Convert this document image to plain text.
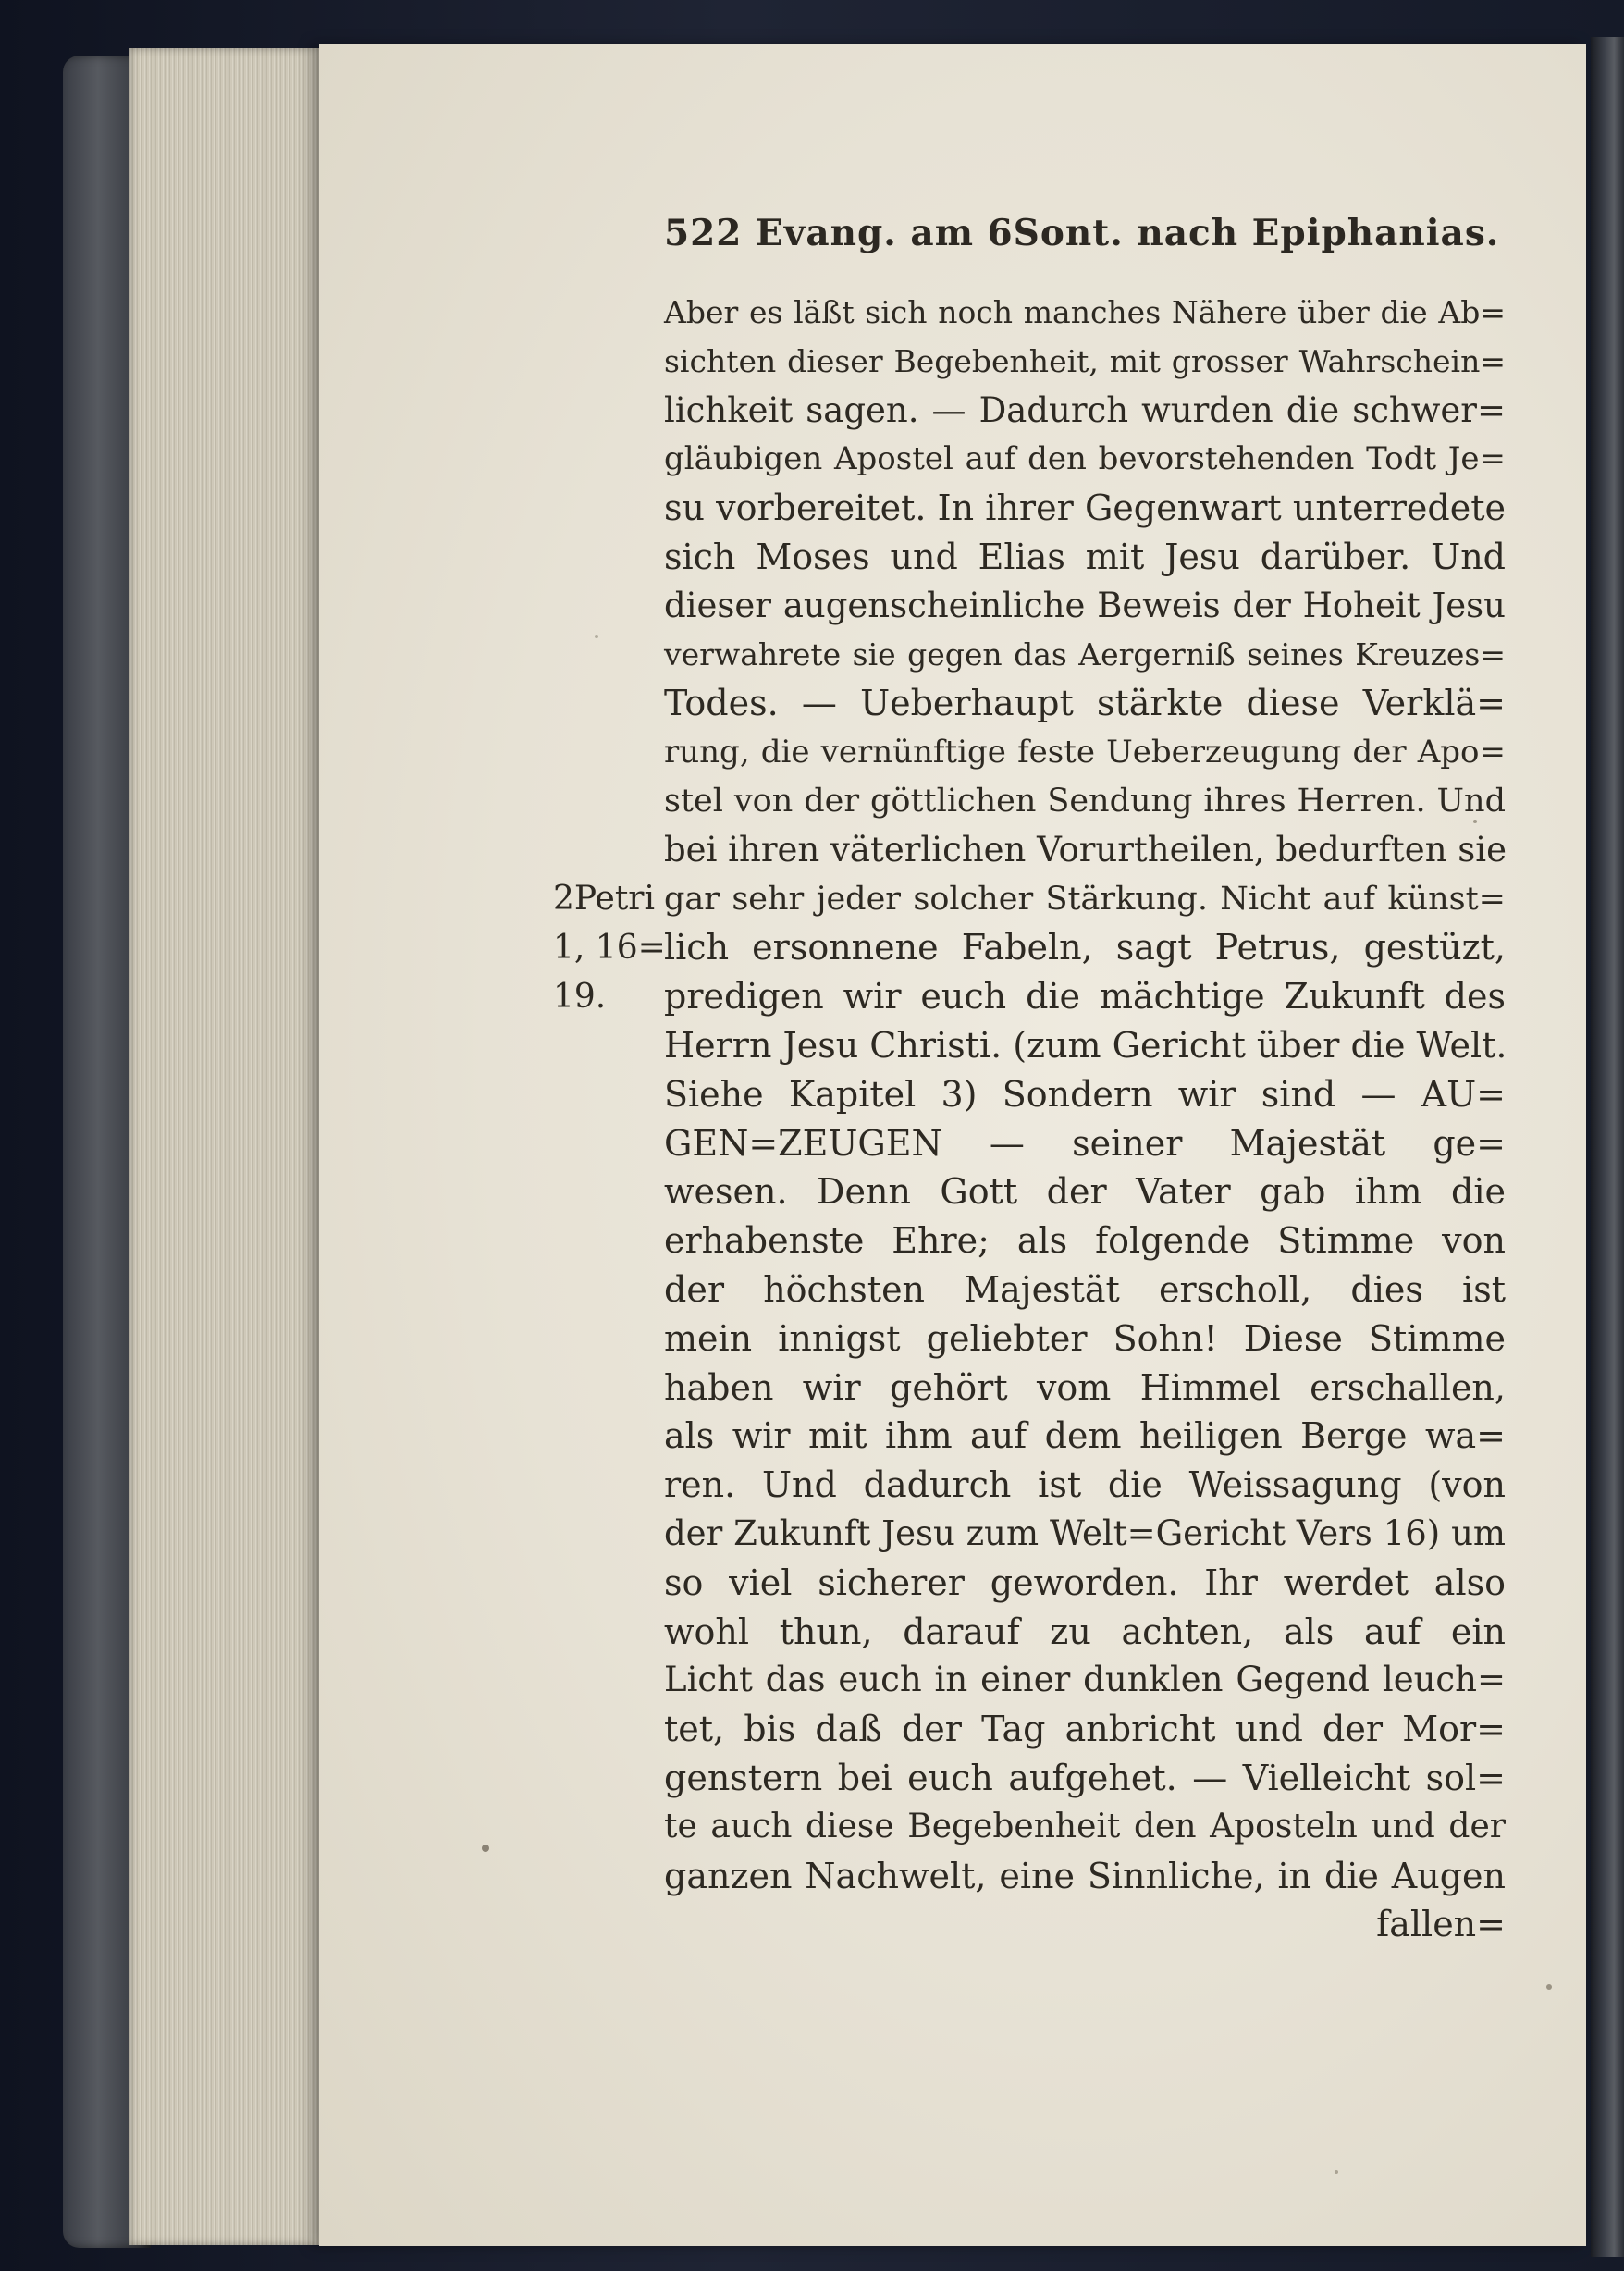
522 Evang. am 6Sont. nach Epiphanias.
2Petri
1, 16=
19.
Aber es läßt sich noch manches Nähere über die Ab=
sichten dieser Begebenheit, mit grosser Wahrschein=
lichkeit sagen. — Dadurch wurden die schwer=
gläubigen Apostel auf den bevorstehenden Todt Je=
su vorbereitet. In ihrer Gegenwart unterredete
sich Moses und Elias mit Jesu darüber. Und
dieser augenscheinliche Beweis der Hoheit Jesu
verwahrete sie gegen das Aergerniß seines Kreuzes=
Todes. — Ueberhaupt stärkte diese Verklä=
rung, die vernünftige feste Ueberzeugung der Apo=
stel von der göttlichen Sendung ihres Herren. Und
bei ihren väterlichen Vorurtheilen, bedurften sie
gar sehr jeder solcher Stärkung. Nicht auf künst=
lich ersonnene Fabeln, sagt Petrus, gestüzt,
predigen wir euch die mächtige Zukunft des
Herrn Jesu Christi. (zum Gericht über die Welt.
Siehe Kapitel 3) Sondern wir sind — AU=
GEN=ZEUGEN — seiner Majestät ge=
wesen. Denn Gott der Vater gab ihm die
erhabenste Ehre; als folgende Stimme von
der höchsten Majestät erscholl, dies ist
mein innigst geliebter Sohn! Diese Stimme
haben wir gehört vom Himmel erschallen,
als wir mit ihm auf dem heiligen Berge wa=
ren. Und dadurch ist die Weissagung (von
der Zukunft Jesu zum Welt=Gericht Vers 16) um
so viel sicherer geworden. Ihr werdet also
wohl thun, darauf zu achten, als auf ein
Licht das euch in einer dunklen Gegend leuch=
tet, bis daß der Tag anbricht und der Mor=
genstern bei euch aufgehet. — Vielleicht sol=
te auch diese Begebenheit den Aposteln und der
ganzen Nachwelt, eine Sinnliche, in die Augen
fallen=
